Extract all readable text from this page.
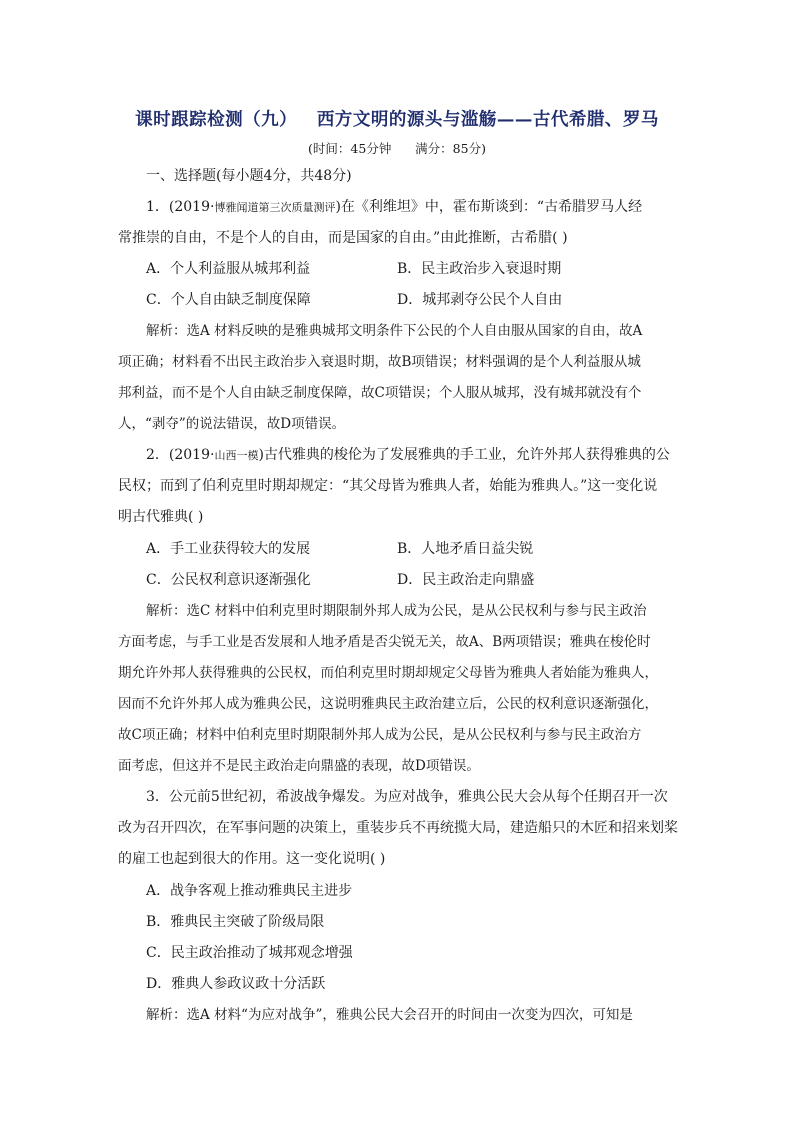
课时跟踪检测（九）   西方文明的源头与滥觞——古代希腊、罗马
(时间：45分钟      满分：85分)
一、选择题(每小题4分，共48分)
1．(2019·博雅闻道第三次质量测评)在《利维坦》中，霍布斯谈到：“古希腊罗马人经
常推崇的自由，不是个人的自由，而是国家的自由。”由此推断，古希腊( )
A．个人利益服从城邦利益	B．民主政治步入衰退时期
C．个人自由缺乏制度保障	D．城邦剥夺公民个人自由
解析：选A 材料反映的是雅典城邦文明条件下公民的个人自由服从国家的自由，故A
项正确；材料看不出民主政治步入衰退时期，故B项错误；材料强调的是个人利益服从城
邦利益，而不是个人自由缺乏制度保障，故C项错误；个人服从城邦，没有城邦就没有个
人，“剥夺”的说法错误，故D项错误。
2．(2019·山西一模)古代雅典的梭伦为了发展雅典的手工业，允许外邦人获得雅典的公
民权；而到了伯利克里时期却规定：“其父母皆为雅典人者，始能为雅典人。”这一变化说
明古代雅典( )
A．手工业获得较大的发展	B．人地矛盾日益尖锐
C．公民权利意识逐渐强化	D．民主政治走向鼎盛
解析：选C 材料中伯利克里时期限制外邦人成为公民，是从公民权利与参与民主政治
方面考虑，与手工业是否发展和人地矛盾是否尖锐无关，故A、B两项错误；雅典在梭伦时
期允许外邦人获得雅典的公民权，而伯利克里时期却规定父母皆为雅典人者始能为雅典人，
因而不允许外邦人成为雅典公民，这说明雅典民主政治建立后，公民的权利意识逐渐强化，
故C项正确；材料中伯利克里时期限制外邦人成为公民，是从公民权利与参与民主政治方
面考虑，但这并不是民主政治走向鼎盛的表现，故D项错误。
3．公元前5世纪初，希波战争爆发。为应对战争，雅典公民大会从每个任期召开一次
改为召开四次，在军事问题的决策上，重装步兵不再统揽大局，建造船只的木匠和招来划桨
的雇工也起到很大的作用。这一变化说明( )
A．战争客观上推动雅典民主进步
B．雅典民主突破了阶级局限
C．民主政治推动了城邦观念增强
D．雅典人参政议政十分活跃
解析：选A 材料“为应对战争”，雅典公民大会召开的时间由一次变为四次，可知是
